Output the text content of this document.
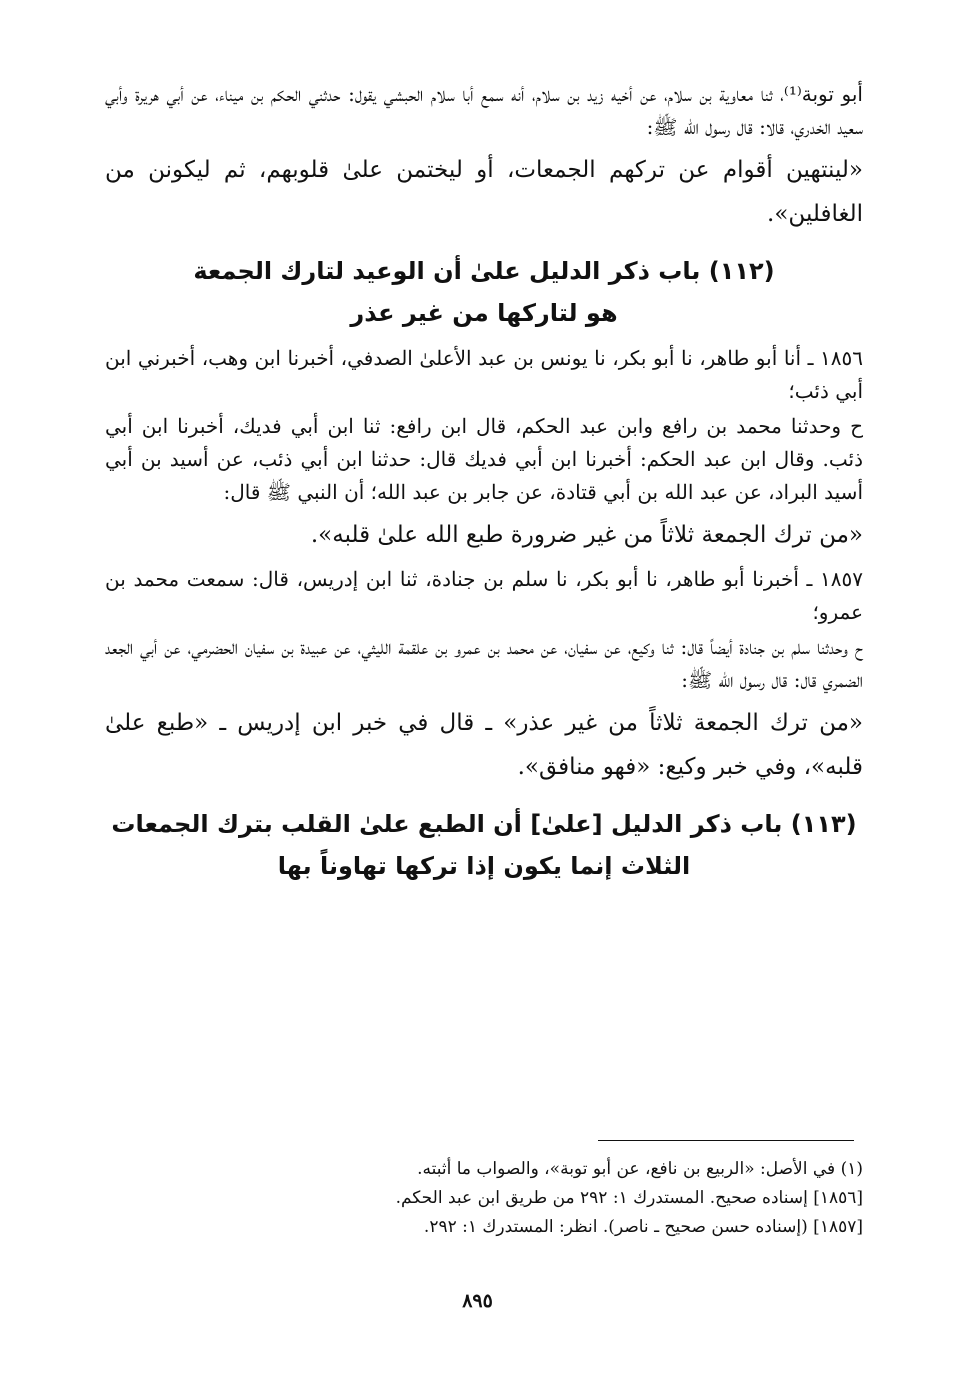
أبو توبة⁽¹⁾، ثنا معاوية بن سلام، عن أخيه زيد بن سلام، أنه سمع أبا سلام الحبشي يقول: حدثني الحكم بن ميناء، عن أبي هريرة وأبي سعيد الخدري، قالا: قال رسول الله ﷺ:

«لينتهين أقوام عن تركهم الجمعات، أو ليختمن علىٰ قلوبهم، ثم ليكونن من الغافلين».

(١١٢) باب ذكر الدليل علىٰ أن الوعيد لتارك الجمعة
هو لتاركها من غير عذر

١٨٥٦ ـ أنا أبو طاهر، نا أبو بكر، نا يونس بن عبد الأعلىٰ الصدفي، أخبرنا ابن وهب، أخبرني ابن أبي ذئب؛

ح وحدثنا محمد بن رافع وابن عبد الحكم، قال ابن رافع: ثنا ابن أبي فديك، أخبرنا ابن أبي ذئب. وقال ابن عبد الحكم: أخبرنا ابن أبي فديك قال: حدثنا ابن أبي ذئب، عن أسيد بن أبي أسيد البراد، عن عبد الله بن أبي قتادة، عن جابر بن عبد الله؛ أن النبي ﷺ قال:

«من ترك الجمعة ثلاثاً من غير ضرورة طبع الله علىٰ قلبه».

١٨٥٧ ـ أخبرنا أبو طاهر، نا أبو بكر، نا سلم بن جنادة، ثنا ابن إدريس، قال: سمعت محمد بن عمرو؛

ح وحدثنا سلم بن جنادة أيضاً قال: ثنا وكيع، عن سفيان، عن محمد بن عمرو بن علقمة الليثي، عن عبيدة بن سفيان الحضرمي، عن أبي الجعد الضمري قال: قال رسول الله ﷺ:

«من ترك الجمعة ثلاثاً من غير عذر» ـ قال في خبر ابن إدريس ـ «طبع علىٰ قلبه»، وفي خبر وكيع: «فهو منافق».

(١١٣) باب ذكر الدليل [علىٰ] أن الطبع علىٰ القلب بترك الجمعات
الثلاث إنما يكون إذا تركها تهاوناً بها
(١) في الأصل: «الربيع بن نافع، عن أبو توبة»، والصواب ما أثبته.
[١٨٥٦] إسناده صحيح. المستدرك ١: ٢٩٢ من طريق ابن عبد الحكم.
[١٨٥٧] (إسناده حسن صحيح ـ ناصر). انظر: المستدرك ١: ٢٩٢.
٨٩٥
